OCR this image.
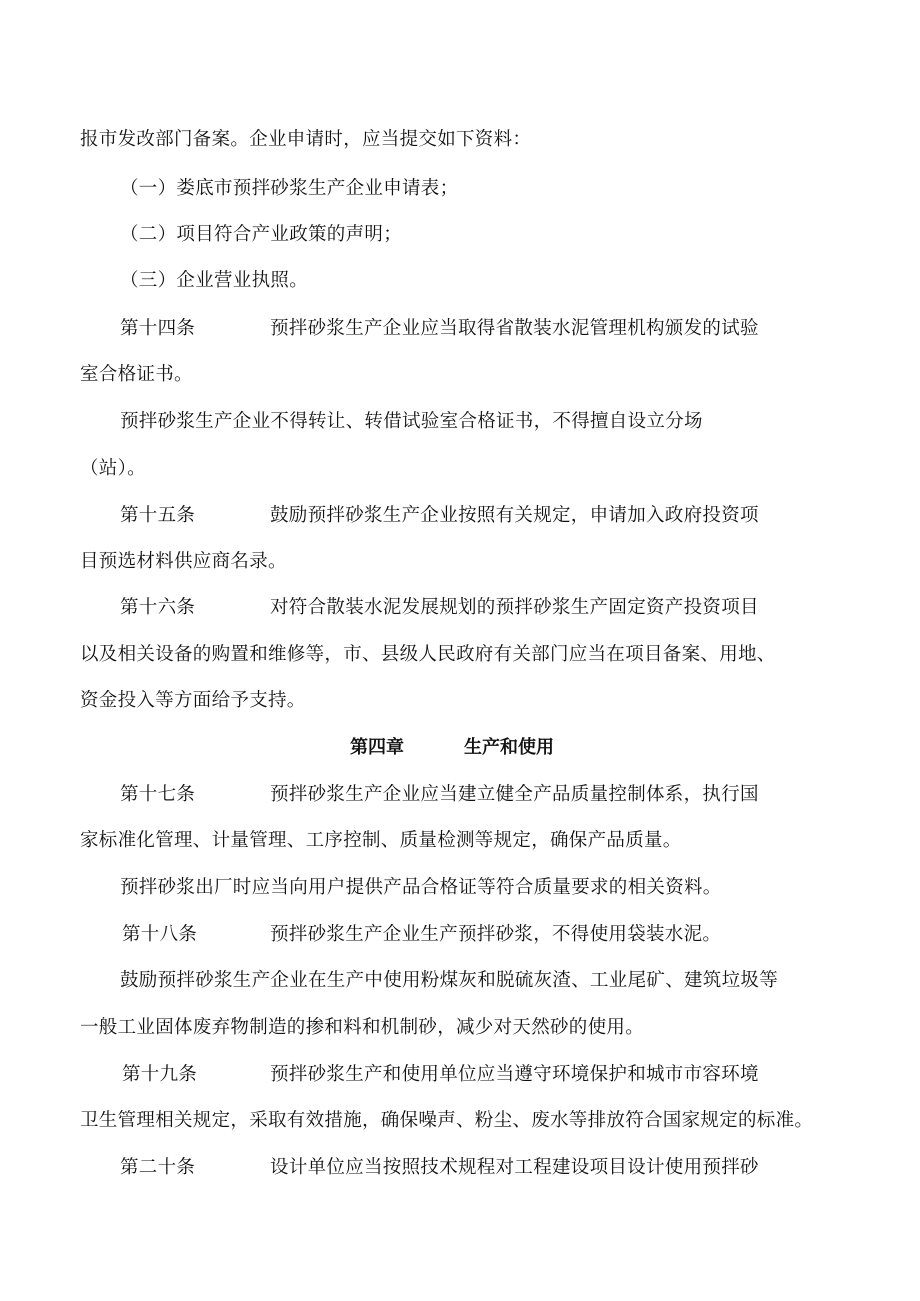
报市发改部门备案。企业申请时，应当提交如下资料：
（一）娄底市预拌砂浆生产企业申请表；
（二）项目符合产业政策的声明；
（三）企业营业执照。
第十四条	预拌砂浆生产企业应当取得省散装水泥管理机构颁发的试验
室合格证书。
预拌砂浆生产企业不得转让、转借试验室合格证书，不得擅自设立分场
（站）。
第十五条	鼓励预拌砂浆生产企业按照有关规定，申请加入政府投资项
目预选材料供应商名录。
第十六条	对符合散装水泥发展规划的预拌砂浆生产固定资产投资项目
以及相关设备的购置和维修等，市、县级人民政府有关部门应当在项目备案、用地、
资金投入等方面给予支持。
第四章	生产和使用
第十七条	预拌砂浆生产企业应当建立健全产品质量控制体系，执行国
家标准化管理、计量管理、工序控制、质量检测等规定，确保产品质量。
预拌砂浆出厂时应当向用户提供产品合格证等符合质量要求的相关资料。
第十八条	预拌砂浆生产企业生产预拌砂浆，不得使用袋装水泥。
鼓励预拌砂浆生产企业在生产中使用粉煤灰和脱硫灰渣、工业尾矿、建筑垃圾等
一般工业固体废弃物制造的掺和料和机制砂，减少对天然砂的使用。
第十九条	预拌砂浆生产和使用单位应当遵守环境保护和城市市容环境
卫生管理相关规定，采取有效措施，确保噪声、粉尘、废水等排放符合国家规定的标准。
第二十条	设计单位应当按照技术规程对工程建设项目设计使用预拌砂
